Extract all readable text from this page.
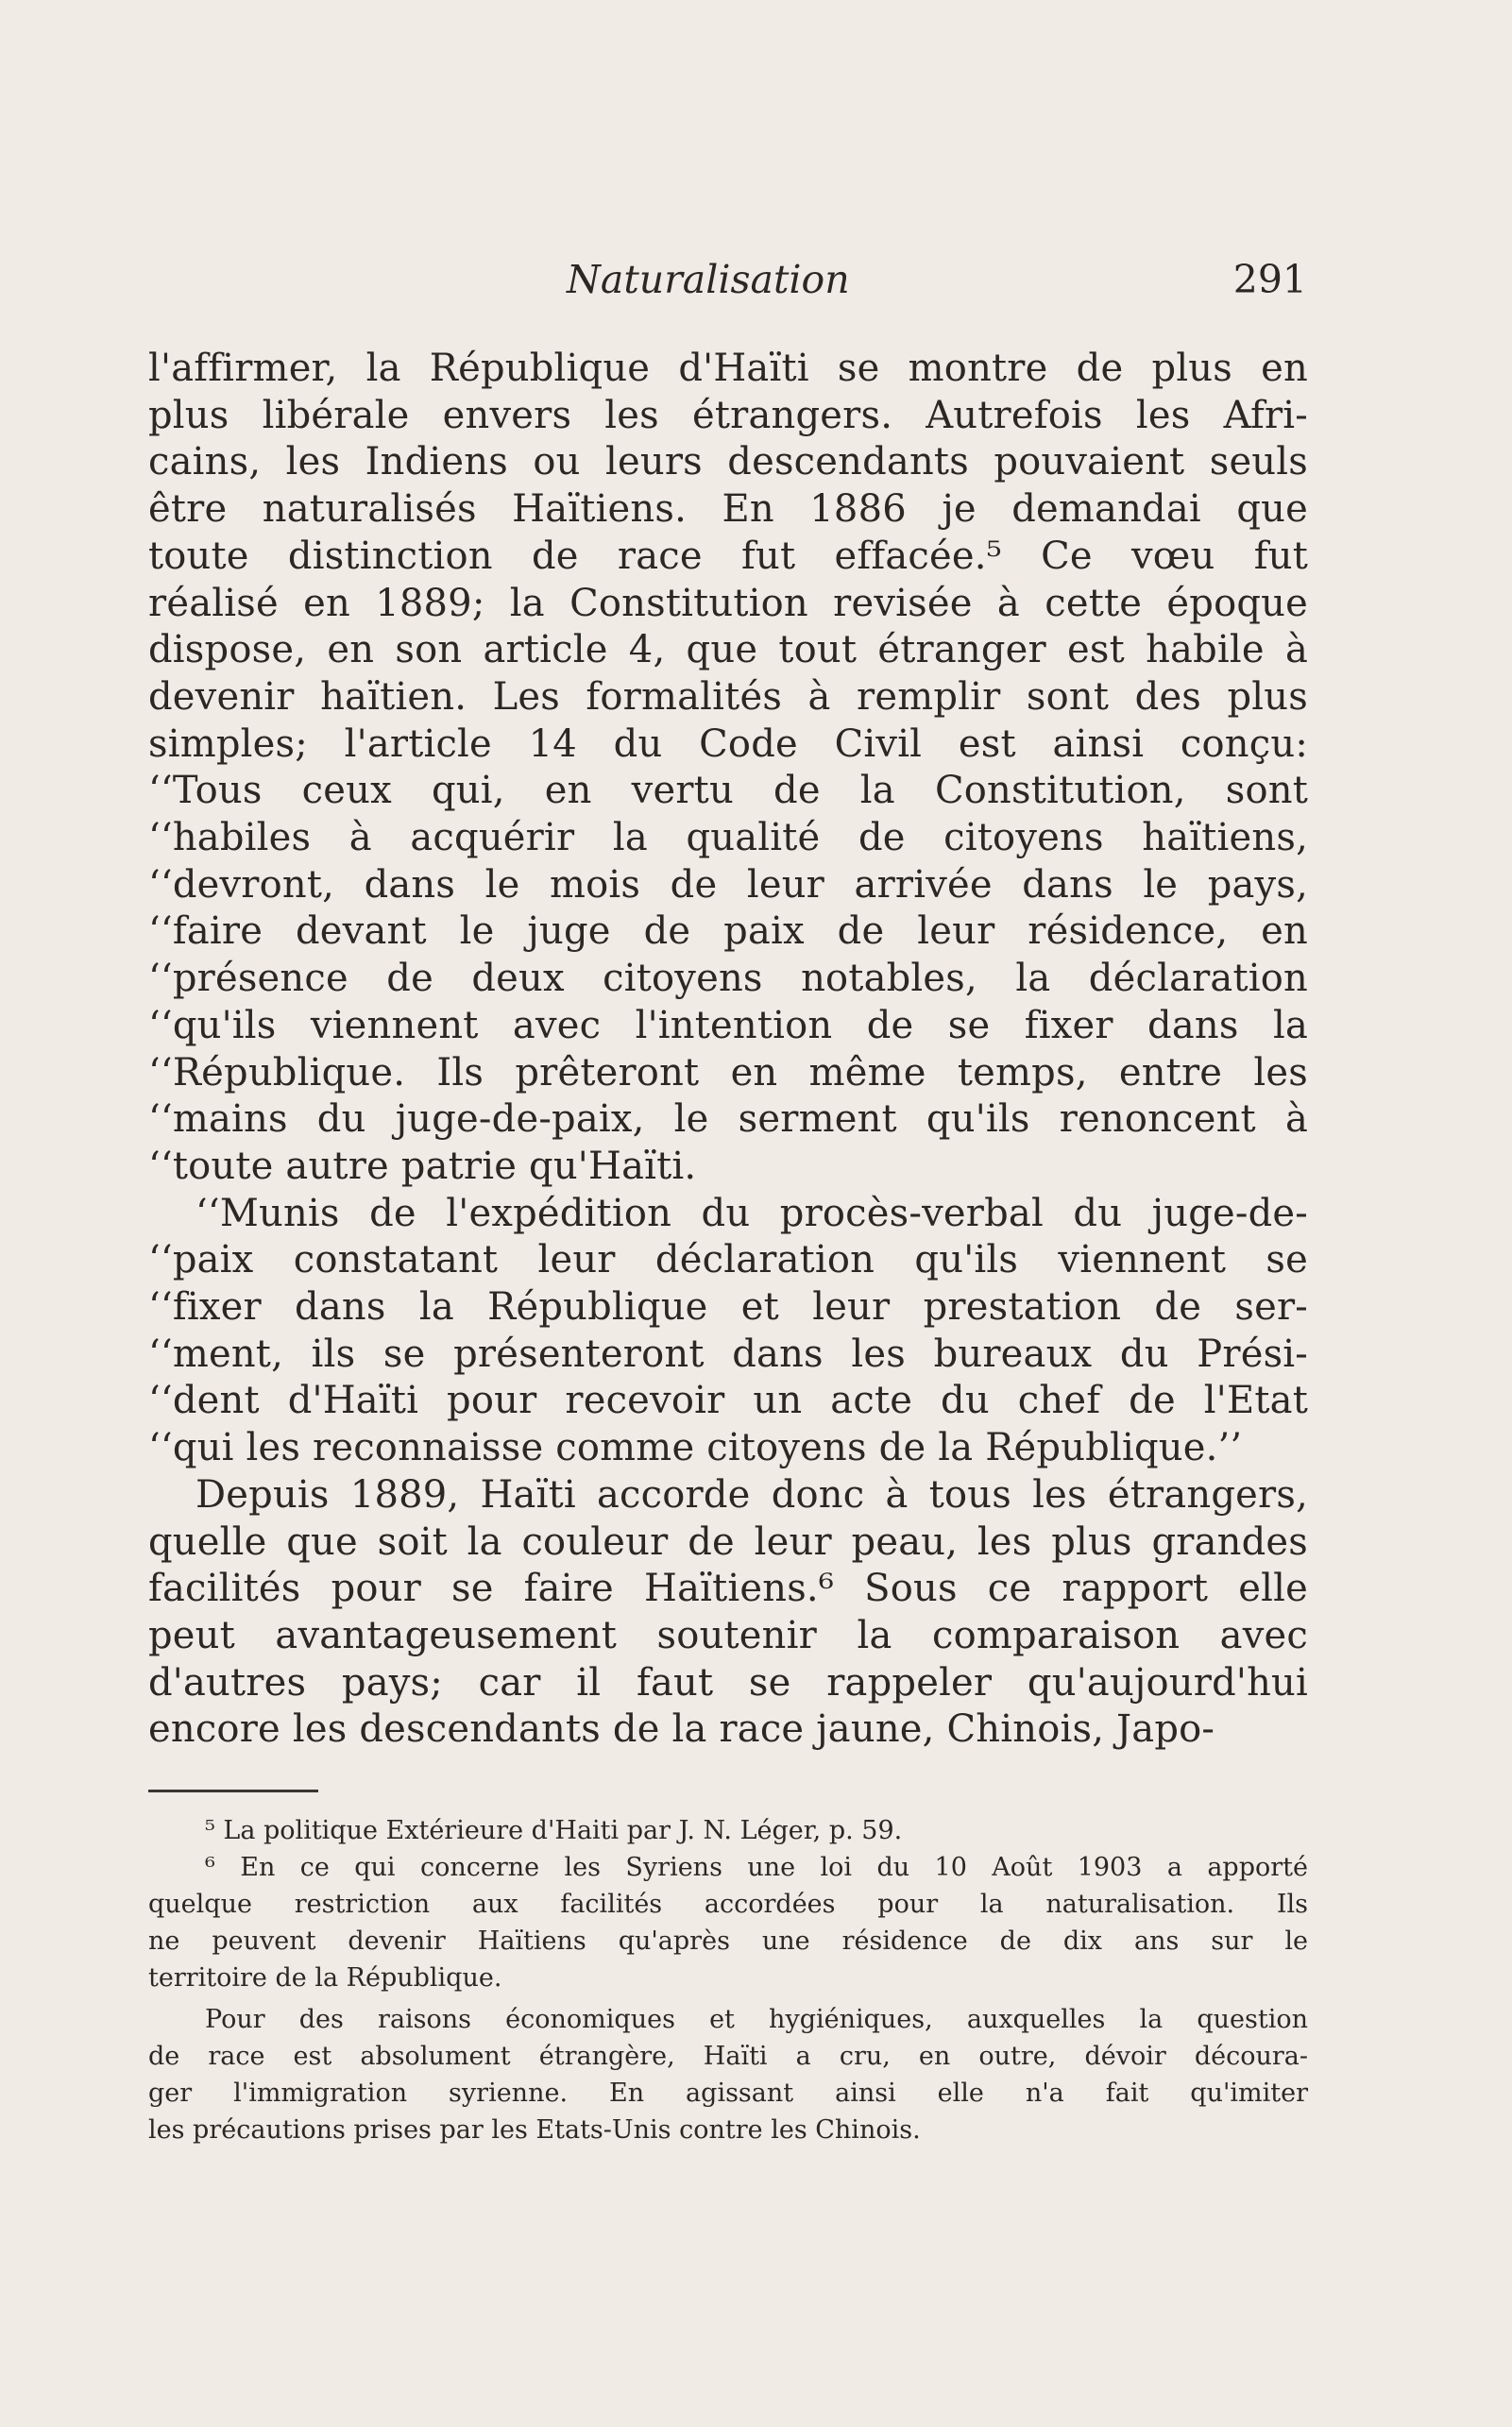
Naturalisation	291
l'affirmer, la République d'Haïti se montre de plus en
plus libérale envers les étrangers. Autrefois les Afri-
cains, les Indiens ou leurs descendants pouvaient seuls
être naturalisés Haïtiens. En 1886 je demandai que
toute distinction de race fut effacée.⁵ Ce vœu fut
réalisé en 1889; la Constitution revisée à cette époque
dispose, en son article 4, que tout étranger est habile à
devenir haïtien. Les formalités à remplir sont des plus
simples; l'article 14 du Code Civil est ainsi conçu:
‘‘Tous ceux qui, en vertu de la Constitution, sont
‘‘habiles à acquérir la qualité de citoyens haïtiens,
‘‘devront, dans le mois de leur arrivée dans le pays,
‘‘faire devant le juge de paix de leur résidence, en
‘‘présence de deux citoyens notables, la déclaration
‘‘qu'ils viennent avec l'intention de se fixer dans la
‘‘République. Ils prêteront en même temps, entre les
‘‘mains du juge-de-paix, le serment qu'ils renoncent à
‘‘toute autre patrie qu'Haïti.
‘‘Munis de l'expédition du procès-verbal du juge-de-
‘‘paix constatant leur déclaration qu'ils viennent se
‘‘fixer dans la République et leur prestation de ser-
‘‘ment, ils se présenteront dans les bureaux du Prési-
‘‘dent d'Haïti pour recevoir un acte du chef de l'Etat
‘‘qui les reconnaisse comme citoyens de la République.’’
Depuis 1889, Haïti accorde donc à tous les étrangers,
quelle que soit la couleur de leur peau, les plus grandes
facilités pour se faire Haïtiens.⁶ Sous ce rapport elle
peut avantageusement soutenir la comparaison avec
d'autres pays; car il faut se rappeler qu'aujourd'hui
encore les descendants de la race jaune, Chinois, Japo-
⁵ La politique Extérieure d'Haiti par J. N. Léger, p. 59.
⁶ En ce qui concerne les Syriens une loi du 10 Août 1903 a apporté
quelque restriction aux facilités accordées pour la naturalisation. Ils
ne peuvent devenir Haïtiens qu'après une résidence de dix ans sur le
territoire de la République.
Pour des raisons économiques et hygiéniques, auxquelles la question
de race est absolument étrangère, Haïti a cru, en outre, dévoir découra-
ger l'immigration syrienne. En agissant ainsi elle n'a fait qu'imiter
les précautions prises par les Etats-Unis contre les Chinois.
